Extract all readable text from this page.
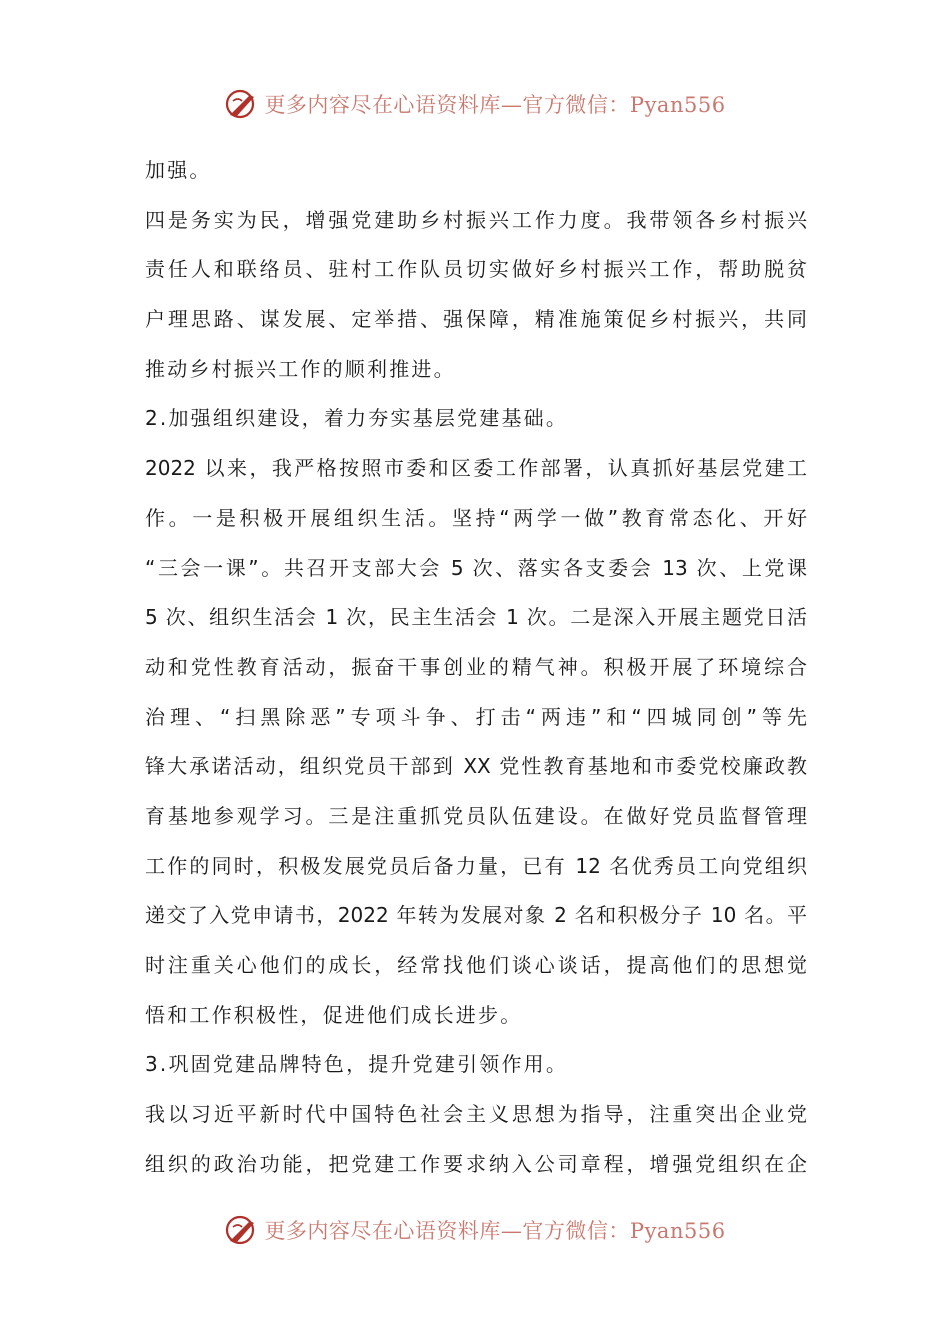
更多内容尽在心语资料库—官方微信：Pyan556
加强。
四是务实为民，增强党建助乡村振兴工作力度。我带领各乡村振兴
责任人和联络员、驻村工作队员切实做好乡村振兴工作，帮助脱贫
户理思路、谋发展、定举措、强保障，精准施策促乡村振兴，共同
推动乡村振兴工作的顺利推进。
2.加强组织建设，着力夯实基层党建基础。
2022 以来，我严格按照市委和区委工作部署，认真抓好基层党建工
作。一是积极开展组织生活。坚持“两学一做”教育常态化、开好
“三会一课”。共召开支部大会 5 次、落实各支委会 13 次、上党课
5 次、组织生活会 1 次，民主生活会 1 次。二是深入开展主题党日活
动和党性教育活动，振奋干事创业的精气神。积极开展了环境综合
治理、“扫黑除恶”专项斗争、打击“两违”和“四城同创”等先
锋大承诺活动，组织党员干部到 XX 党性教育基地和市委党校廉政教
育基地参观学习。三是注重抓党员队伍建设。在做好党员监督管理
工作的同时，积极发展党员后备力量，已有 12 名优秀员工向党组织
递交了入党申请书，2022 年转为发展对象 2 名和积极分子 10 名。平
时注重关心他们的成长，经常找他们谈心谈话，提高他们的思想觉
悟和工作积极性，促进他们成长进步。
3.巩固党建品牌特色，提升党建引领作用。
我以习近平新时代中国特色社会主义思想为指导，注重突出企业党
组织的政治功能，把党建工作要求纳入公司章程，增强党组织在企
更多内容尽在心语资料库—官方微信：Pyan556
